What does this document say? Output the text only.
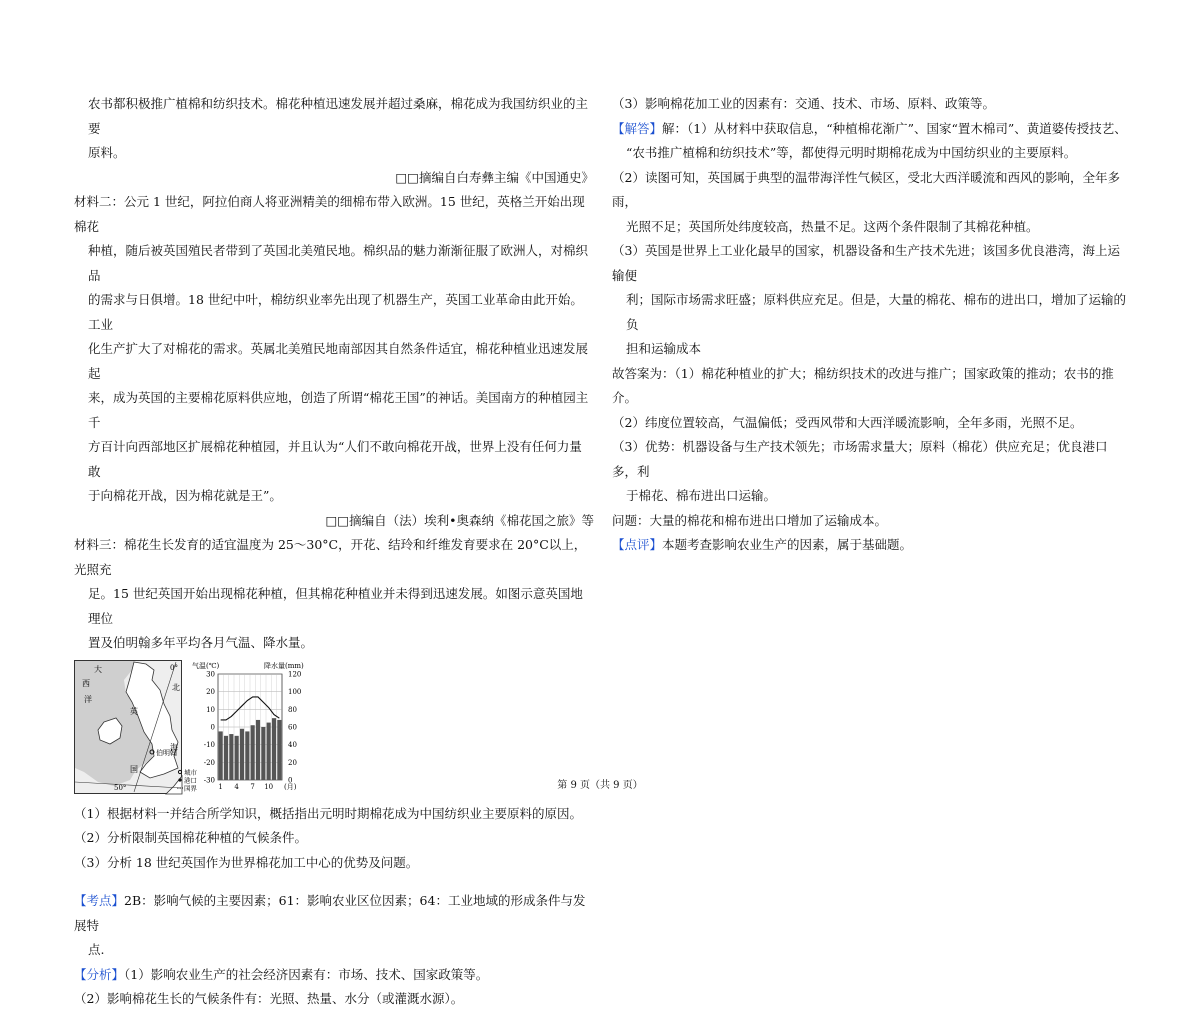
农书都积极推广植棉和纺织技术。棉花种植迅速发展并超过桑麻，棉花成为我国纺织业的主要

原料。

□□摘编自白寿彝主编《中国通史》

材料二：公元 1 世纪，阿拉伯商人将亚洲精美的细棉布带入欧洲。15 世纪，英格兰开始出现棉花

种植，随后被英国殖民者带到了英国北美殖民地。棉织品的魅力渐渐征服了欧洲人，对棉织品

的需求与日俱增。18 世纪中叶，棉纺织业率先出现了机器生产，英国工业革命由此开始。工业

化生产扩大了对棉花的需求。英属北美殖民地南部因其自然条件适宜，棉花种植业迅速发展起

来，成为英国的主要棉花原料供应地，创造了所谓“棉花王国”的神话。美国南方的种植园主千

方百计向西部地区扩展棉花种植园，并且认为“人们不敢向棉花开战，世界上没有任何力量敢

于向棉花开战，因为棉花就是王”。

□□摘编自（法）埃利•奥森纳《棉花国之旅》等

材料三：棉花生长发育的适宜温度为 25～30°C，开花、结玲和纤维发育要求在 20°C以上，光照充

足。15 世纪英国开始出现棉花种植，但其棉花种植业并未得到迅速发展。如图示意英国地理位

置及伯明翰多年平均各月气温、降水量。

大
西
洋
北
英
海
国
伯明翰
50°
0° 气温(℃)	降水量(mm)
30
20
10
0
-10
-20
-30
120
100
80
60
40
20
0
1 4 7 10 (月)
城市
港口
国界

（1）根据材料一并结合所学知识，概括指出元明时期棉花成为中国纺织业主要原料的原因。

（2）分析限制英国棉花种植的气候条件。

（3）分析 18 世纪英国作为世界棉花加工中心的优势及问题。

【考点】2B：影响气候的主要因素；61：影响农业区位因素；64：工业地域的形成条件与发展特

点.

【分析】（1）影响农业生产的社会经济因素有：市场、技术、国家政策等。

（2）影响棉花生长的气候条件有：光照、热量、水分（或灌溉水源）。

（3）影响棉花加工业的因素有：交通、技术、市场、原料、政策等。

【解答】解：（1）从材料中获取信息，“种植棉花渐广”、国家“置木棉司”、黄道婆传授技艺、

“农书推广植棉和纺织技术”等，都使得元明时期棉花成为中国纺织业的主要原料。

（2）读图可知，英国属于典型的温带海洋性气候区，受北大西洋暖流和西风的影响，全年多雨，

光照不足；英国所处纬度较高，热量不足。这两个条件限制了其棉花种植。

（3）英国是世界上工业化最早的国家，机器设备和生产技术先进；该国多优良港湾，海上运输便

利；国际市场需求旺盛；原料供应充足。但是，大量的棉花、棉布的进出口，增加了运输的负

担和运输成本

故答案为：（1）棉花种植业的扩大；棉纺织技术的改进与推广；国家政策的推动；农书的推介。

（2）纬度位置较高，气温偏低；受西风带和大西洋暖流影响，全年多雨，光照不足。

（3）优势：机器设备与生产技术领先；市场需求量大；原料（棉花）供应充足；优良港口多，利

于棉花、棉布进出口运输。

问题：大量的棉花和棉布进出口增加了运输成本。

【点评】本题考查影响农业生产的因素，属于基础题。

第 9 页（共 9 页）
